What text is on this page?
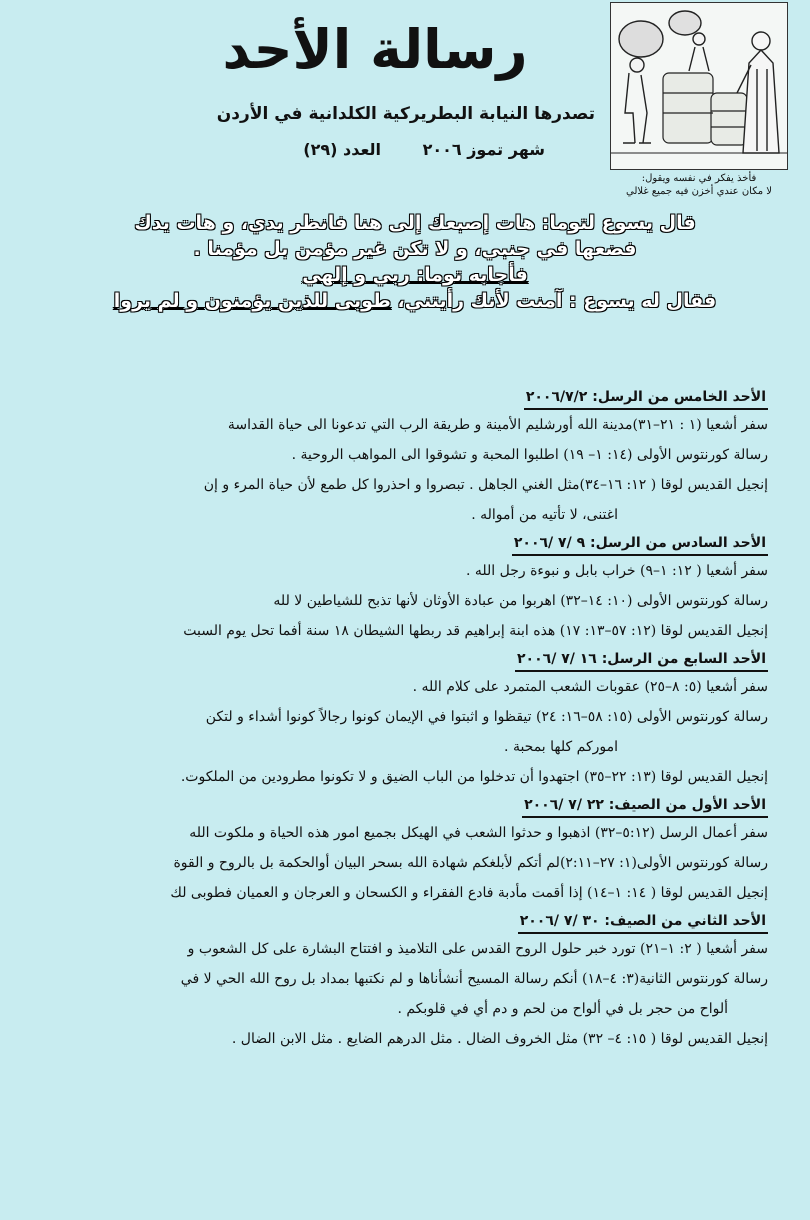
رسالة الأحد
تصدرها النيابة البطريركية الكلدانية في الأردن
شهر تموز ٢٠٠٦ العدد (٢٩)
فأخذ يفكر في نفسه ويقول:
لا مكان عندي أخزن فيه جميع غلالي
قال يسوع لتوما: هات إصبعك إلى هنا فانظر يدي، و هات يدك
فضعها في جنبي، و لا تكن غير مؤمن بل مؤمنا .
فأجابه توما: ربي و إلهي
فقال له يسوع : آمنت لأنك رأيتني، طوبى للذين يؤمنون و لم يروا
الأحد الخامس من الرسل: ٢٠٠٦/٧/٢
سفر أشعيا (١ : ٢١–٣١)مدينة الله أورشليم الأمينة و طريقة الرب التي تدعونا الى حياة القداسة
رسالة كورنتوس الأولى (١٤: ١– ١٩) اطلبوا المحبة و تشوقوا الى المواهب الروحية .
إنجيل القديس لوقا ( ١٢: ١٦–٣٤)مثل الغني الجاهل . تبصروا و احذروا كل طمع لأن حياة المرء و إن
اغتنى، لا تأتيه من أمواله .
الأحد السادس من الرسل: ٩ /٧ /٢٠٠٦
سفر أشعيا ( ١٢: ١–٩) خراب بابل و نبوءة رجل الله .
رسالة كورنتوس الأولى (١٠: ١٤–٣٢) اهربوا من عبادة الأوثان لأنها تذبح للشياطين لا لله
إنجيل القديس لوقا (١٢: ٥٧–١٣: ١٧) هذه ابنة إبراهيم قد ربطها الشيطان ١٨ سنة أفما تحل يوم السبت
الأحد السابع من الرسل: ١٦ /٧ /٢٠٠٦
سفر أشعيا (٥: ٨–٢٥) عقوبات الشعب المتمرد على كلام الله .
رسالة كورنتوس الأولى (١٥: ٥٨–١٦: ٢٤) تيقظوا و اثبتوا في الإيمان كونوا رجالاً كونوا أشداء و لتكن
امورکم كلها بمحبة .
إنجيل القديس لوقا (١٣: ٢٢–٣٥) اجتهدوا أن تدخلوا من الباب الضيق و لا تكونوا مطرودين من الملكوت.
الأحد الأول من الصيف: ٢٢ /٧ /٢٠٠٦
سفر أعمال الرسل (٥:١٢–٣٢) اذهبوا و حدثوا الشعب في الهيكل بجميع امور هذه الحياة و ملكوت الله
رسالة كورنتوس الأولى(١: ٢٧–٢:١١)لم أتكم لأبلغكم شهادة الله بسحر البيان أوالحكمة بل بالروح و القوة
إنجيل القديس لوقا ( ١٤: ١–١٤) إذا أقمت مأدبة فادع الفقراء و الكسحان و العرجان و العميان فطوبى لك
الأحد الثاني من الصيف: ٣٠ /٧ /٢٠٠٦
سفر أشعيا ( ٢: ١–٢١) تورد خبر حلول الروح القدس على التلاميذ و افتتاح البشارة على كل الشعوب و
رسالة كورنتوس الثانية(٣: ٤–١٨) أنكم رسالة المسيح أنشأناها و لم نكتبها بمداد بل روح الله الحي لا في
ألواح من حجر بل في ألواح من لحم و دم أي في قلوبكم .
إنجيل القديس لوقا ( ١٥: ٤– ٣٢) مثل الخروف الضال . مثل الدرهم الضايع . مثل الابن الضال .
